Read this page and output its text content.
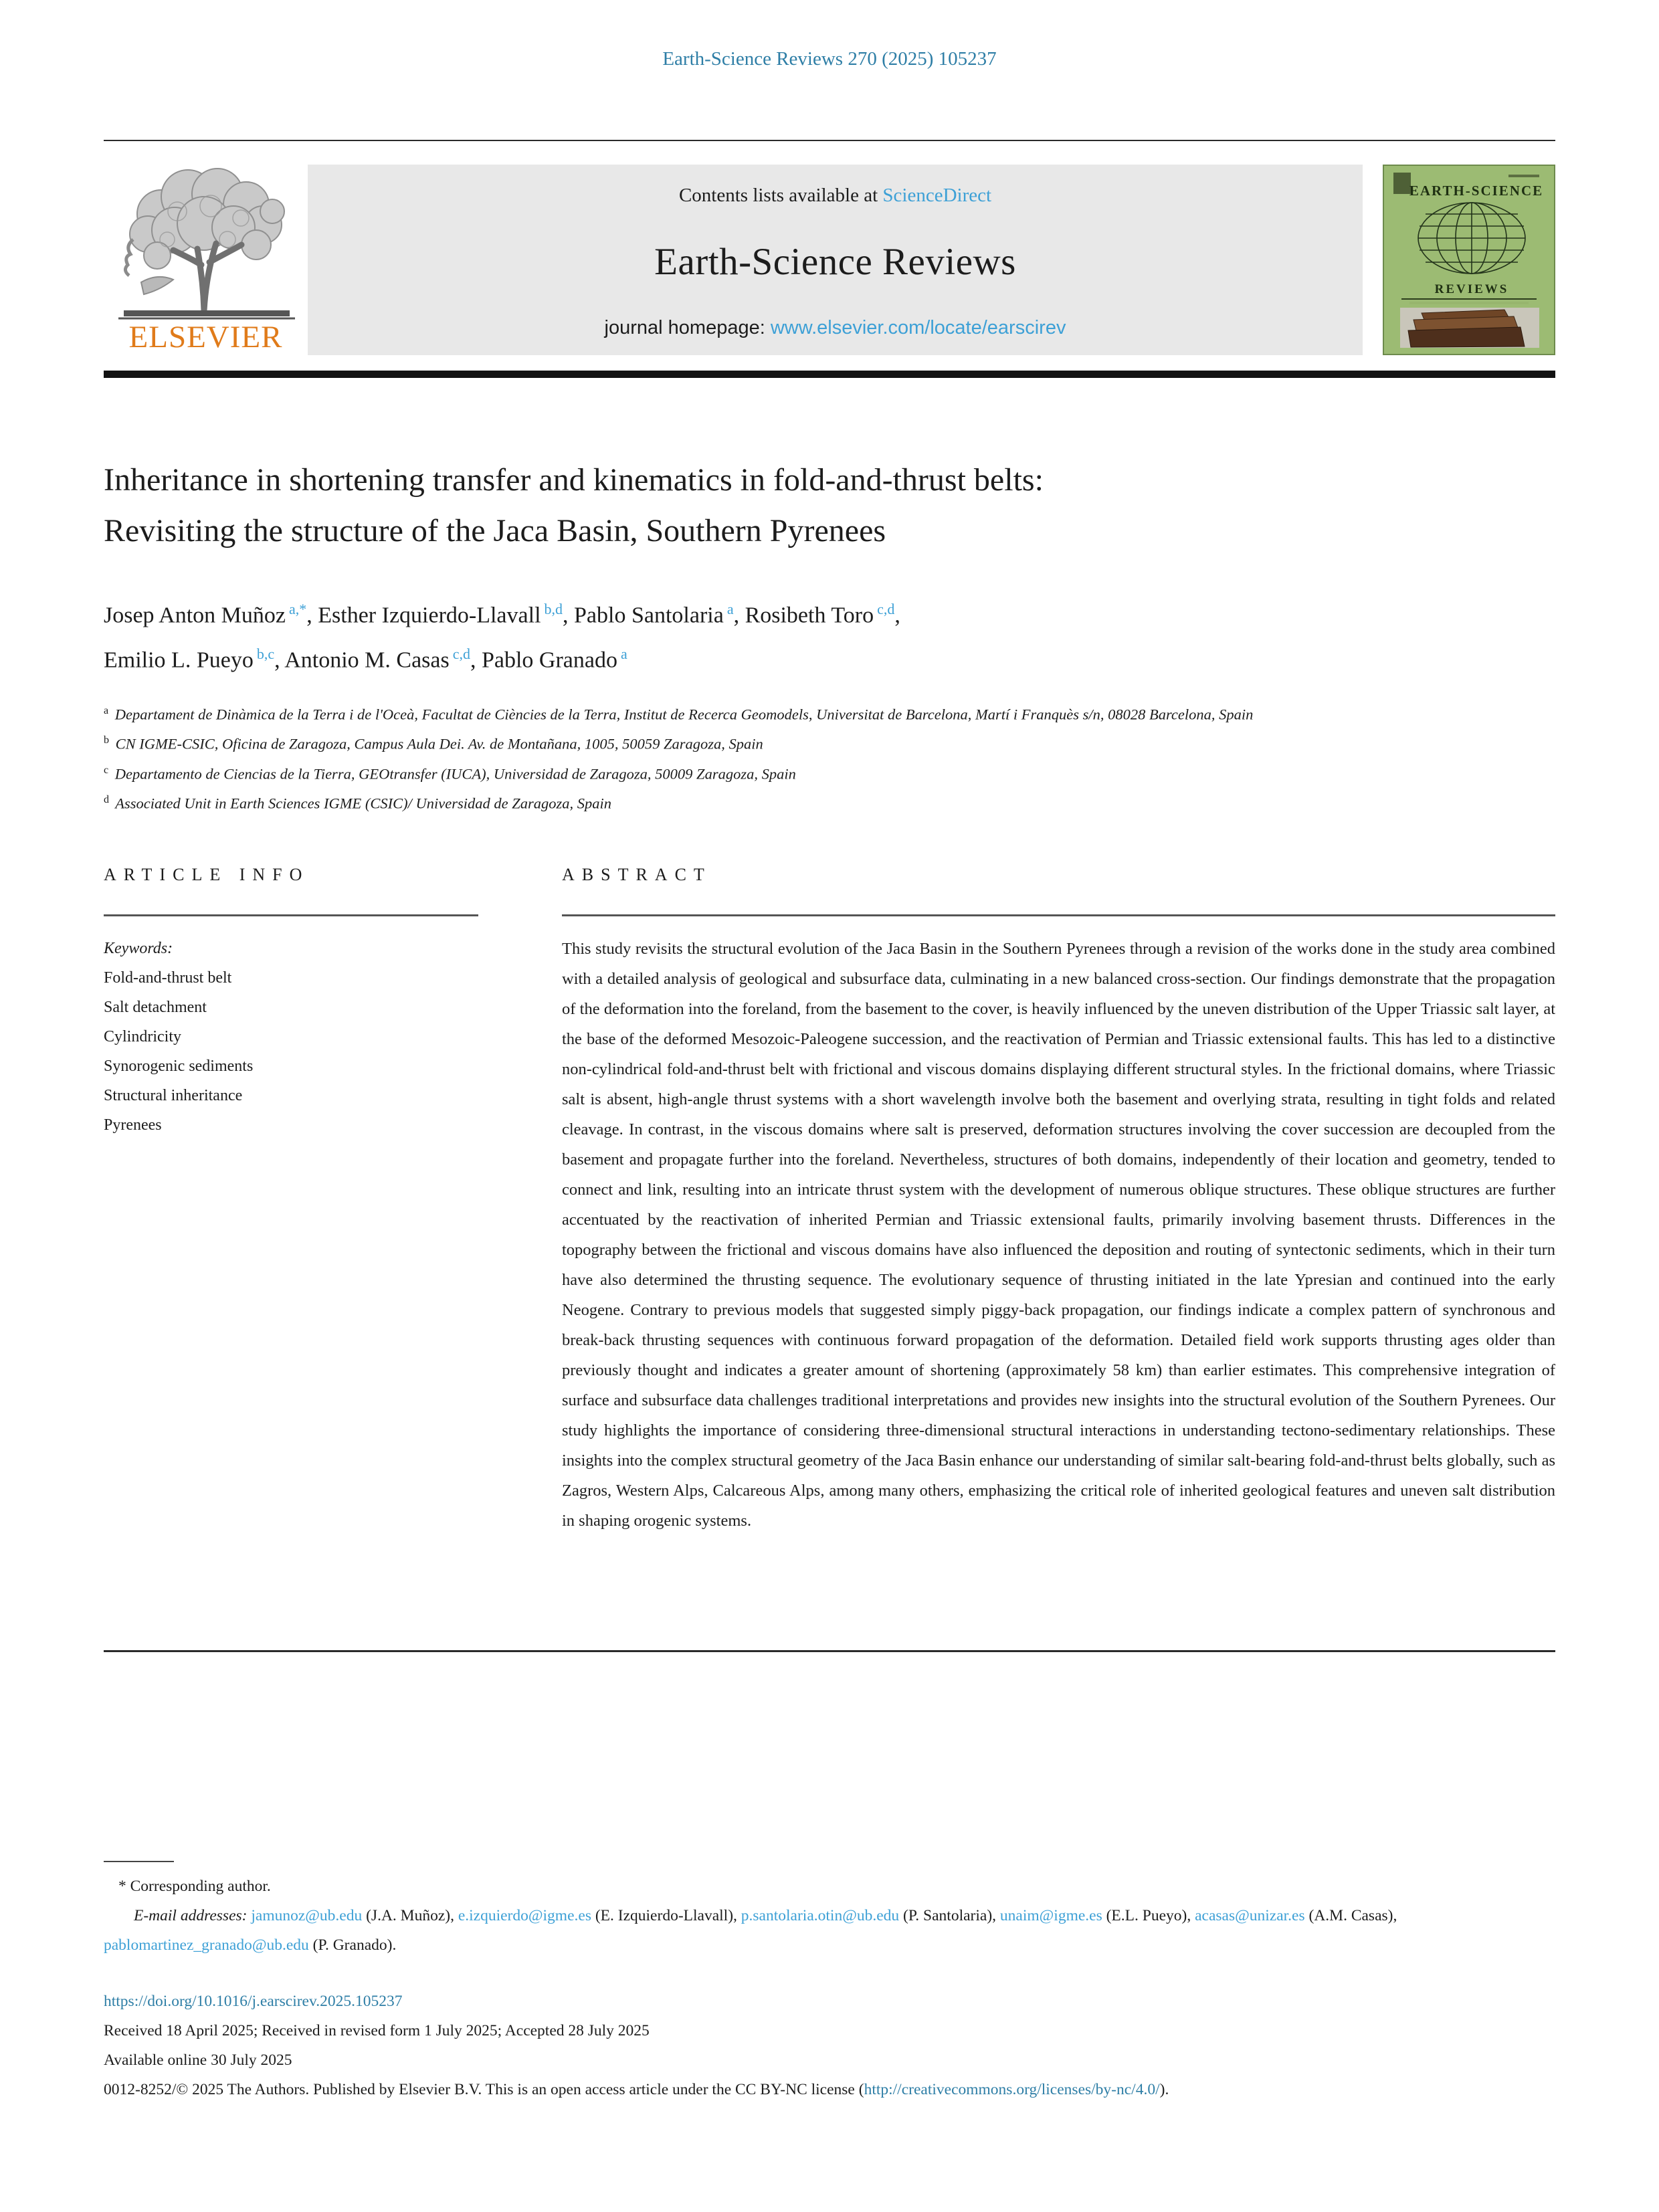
Earth-Science Reviews 270 (2025) 105237
ELSEVIER

Contents lists available at ScienceDirect

Earth-Science Reviews

journal homepage: www.elsevier.com/locate/earscirev

EARTH-SCIENCE
REVIEWS
Inheritance in shortening transfer and kinematics in fold-and-thrust belts:
Revisiting the structure of the Jaca Basin, Southern Pyrenees
Josep Anton Muñoz $^{a,*}$, Esther Izquierdo-Llavall $^{b,d}$, Pablo Santolaria $^a$, Rosibeth Toro $^{c,d}$,
Emilio L. Pueyo $^{b,c}$, Antonio M. Casas $^{c,d}$, Pablo Granado $^a$

$^a$ Departament de Dinàmica de la Terra i de l'Oceà, Facultat de Ciències de la Terra, Institut de Recerca Geomodels, Universitat de Barcelona, Martí i Franquès s/n, 08028 Barcelona, Spain

$^b$ CN IGME-CSIC, Oficina de Zaragoza, Campus Aula Dei. Av. de Montañana, 1005, 50059 Zaragoza, Spain

$^c$ Departamento de Ciencias de la Tierra, GEOtransfer (IUCA), Universidad de Zaragoza, 50009 Zaragoza, Spain

$^d$ Associated Unit in Earth Sciences IGME (CSIC)/ Universidad de Zaragoza, Spain

ARTICLE INFO

Keywords:

Fold-and-thrust belt
Salt detachment
Cylindricity
Synorogenic sediments
Structural inheritance
Pyrenees
ABSTRACT

This study revisits the structural evolution of the Jaca Basin in the Southern Pyrenees through a revision of the works done in the study area combined with a detailed analysis of geological and subsurface data, culminating in a new balanced cross-section. Our findings demonstrate that the propagation of the deformation into the foreland, from the basement to the cover, is heavily influenced by the uneven distribution of the Upper Triassic salt layer, at the base of the deformed Mesozoic-Paleogene succession, and the reactivation of Permian and Triassic extensional faults. This has led to a distinctive non-cylindrical fold-and-thrust belt with frictional and viscous domains displaying different structural styles. In the frictional domains, where Triassic salt is absent, high-angle thrust systems with a short wavelength involve both the basement and overlying strata, resulting in tight folds and related cleavage. In contrast, in the viscous domains where salt is preserved, deformation structures involving the cover succession are decoupled from the basement and propagate further into the foreland. Nevertheless, structures of both domains, independently of their location and geometry, tended to connect and link, resulting into an intricate thrust system with the development of numerous oblique structures. These oblique structures are further accentuated by the reactivation of inherited Permian and Triassic extensional faults, primarily involving basement thrusts. Differences in the topography between the frictional and viscous domains have also influenced the deposition and routing of syntectonic sediments, which in their turn have also determined the thrusting sequence. The evolutionary sequence of thrusting initiated in the late Ypresian and continued into the early Neogene. Contrary to previous models that suggested simply piggy-back propagation, our findings indicate a complex pattern of synchronous and break-back thrusting sequences with continuous forward propagation of the deformation. Detailed field work supports thrusting ages older than previously thought and indicates a greater amount of shortening (approximately 58 km) than earlier estimates. This comprehensive integration of surface and subsurface data challenges traditional interpretations and provides new insights into the structural evolution of the Southern Pyrenees. Our study highlights the importance of considering three-dimensional structural interactions in understanding tectono-sedimentary relationships. These insights into the complex structural geometry of the Jaca Basin enhance our understanding of similar salt-bearing fold-and-thrust belts globally, such as Zagros, Western Alps, Calcareous Alps, among many others, emphasizing the critical role of inherited geological features and uneven salt distribution in shaping orogenic systems.

* Corresponding author.

E-mail addresses: jamunoz@ub.edu (J.A. Muñoz), e.izquierdo@igme.es (E. Izquierdo-Llavall), p.santolaria.otin@ub.edu (P. Santolaria), unaim@igme.es (E.L. Pueyo), acasas@unizar.es (A.M. Casas), pablomartinez_granado@ub.edu (P. Granado).

https://doi.org/10.1016/j.earscirev.2025.105237

Received 18 April 2025; Received in revised form 1 July 2025; Accepted 28 July 2025

Available online 30 July 2025

0012-8252/© 2025 The Authors. Published by Elsevier B.V. This is an open access article under the CC BY-NC license (http://creativecommons.org/licenses/by-nc/4.0/).
